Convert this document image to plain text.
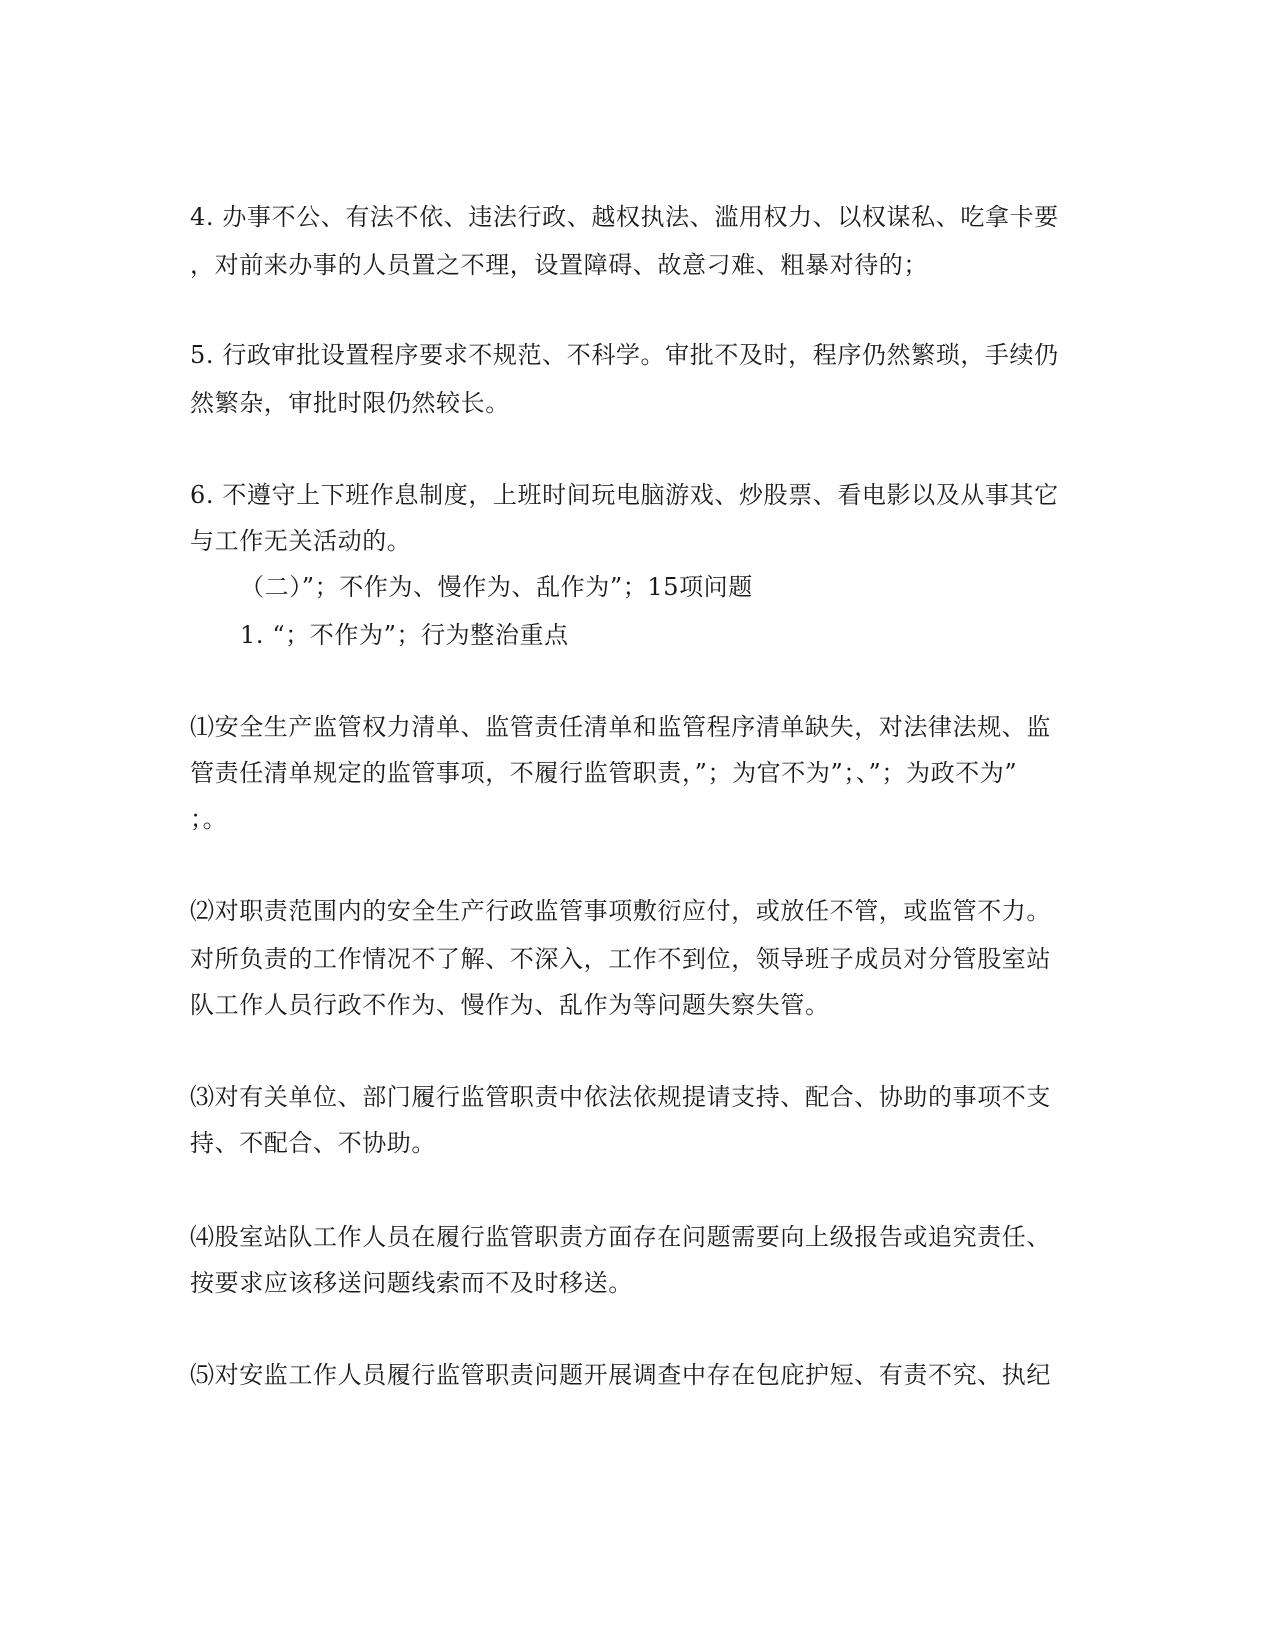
4. 办事不公、有法不依、违法行政、越权执法、滥用权力、以权谋私、吃拿卡要
，对前来办事的人员置之不理，设置障碍、故意刁难、粗暴对待的；
5. 行政审批设置程序要求不规范、不科学。审批不及时，程序仍然繁琐，手续仍
然繁杂，审批时限仍然较长。
6. 不遵守上下班作息制度，上班时间玩电脑游戏、炒股票、看电影以及从事其它
与工作无关活动的。
（二）”；不作为、慢作为、乱作为”；15项问题
1. “；不作为”；行为整治重点
⑴安全生产监管权力清单、监管责任清单和监管程序清单缺失，对法律法规、监
管责任清单规定的监管事项，不履行监管职责，”；为官不为”；、”；为政不为”
；。
⑵对职责范围内的安全生产行政监管事项敷衍应付，或放任不管，或监管不力。
对所负责的工作情况不了解、不深入，工作不到位，领导班子成员对分管股室站
队工作人员行政不作为、慢作为、乱作为等问题失察失管。
⑶对有关单位、部门履行监管职责中依法依规提请支持、配合、协助的事项不支
持、不配合、不协助。
⑷股室站队工作人员在履行监管职责方面存在问题需要向上级报告或追究责任、
按要求应该移送问题线索而不及时移送。
⑸对安监工作人员履行监管职责问题开展调查中存在包庇护短、有责不究、执纪
